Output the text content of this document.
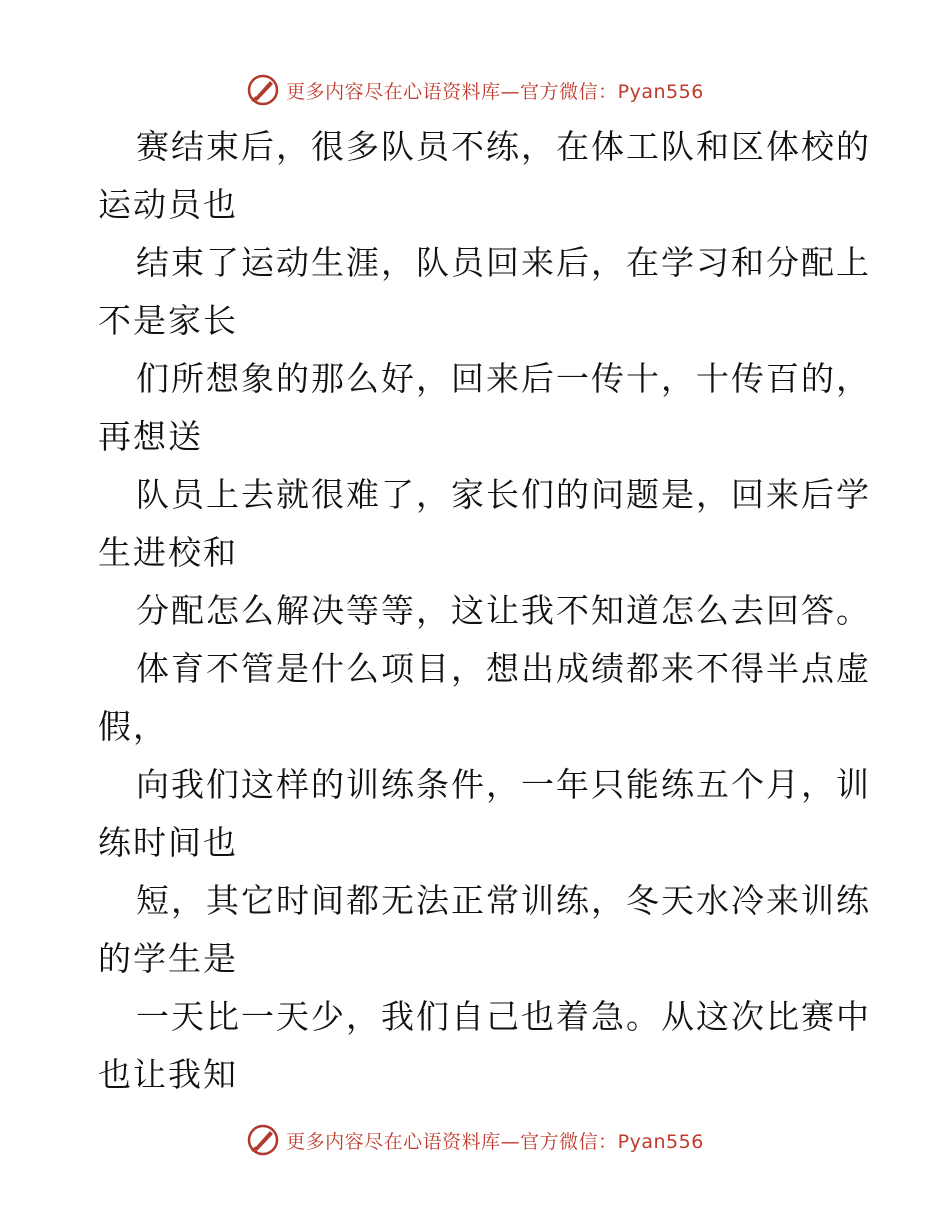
更多内容尽在心语资料库—官方微信：Pyan556
赛结束后，很多队员不练，在体工队和区体校的
运动员也
结束了运动生涯，队员回来后，在学习和分配上
不是家长
们所想象的那么好，回来后一传十，十传百的，
再想送
队员上去就很难了，家长们的问题是，回来后学
生进校和
分配怎么解决等等，这让我不知道怎么去回答。
体育不管是什么项目，想出成绩都来不得半点虚
假，
向我们这样的训练条件，一年只能练五个月，训
练时间也
短，其它时间都无法正常训练，冬天水冷来训练
的学生是
一天比一天少，我们自己也着急。从这次比赛中
也让我知
更多内容尽在心语资料库—官方微信：Pyan556
